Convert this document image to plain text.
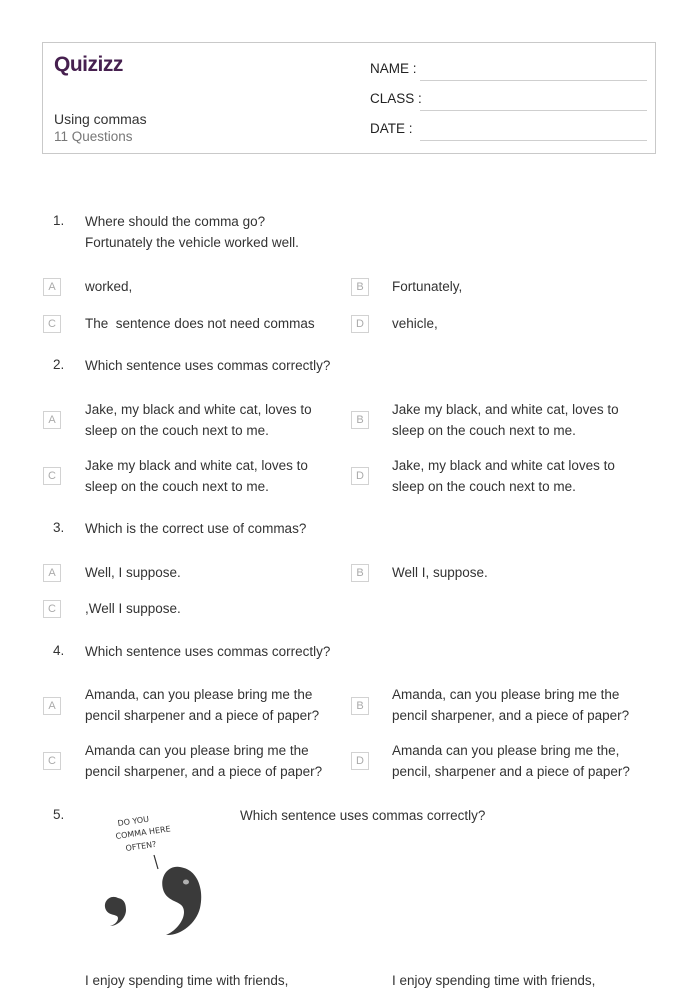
Quizizz
Using commas
11 Questions
NAME :
CLASS :
DATE :
1. Where should the comma go?
Fortunately the vehicle worked well.
A	worked,	B	Fortunately,
C	The  sentence does not need commas	D	vehicle,
2. Which sentence uses commas correctly?
A
Jake, my black and white cat, loves to
sleep on the couch next to me.
B
Jake my black, and white cat, loves to
sleep on the couch next to me.
C
Jake my black and white cat, loves to
sleep on the couch next to me.
D
Jake, my black and white cat loves to
sleep on the couch next to me.
3. Which is the correct use of commas?
A	Well, I suppose.	B	Well I, suppose.
C	,Well I suppose.
4. Which sentence uses commas correctly?
A
Amanda, can you please bring me the
pencil sharpener and a piece of paper?
B
Amanda, can you please bring me the
pencil sharpener, and a piece of paper?
C
Amanda can you please bring me the
pencil sharpener, and a piece of paper?
D
Amanda can you please bring me the,
pencil, sharpener and a piece of paper?
5.	Which sentence uses commas correctly?
DO YOU
COMMA HERE
OFTEN?
I enjoy spending time with friends,	I enjoy spending time with friends,
